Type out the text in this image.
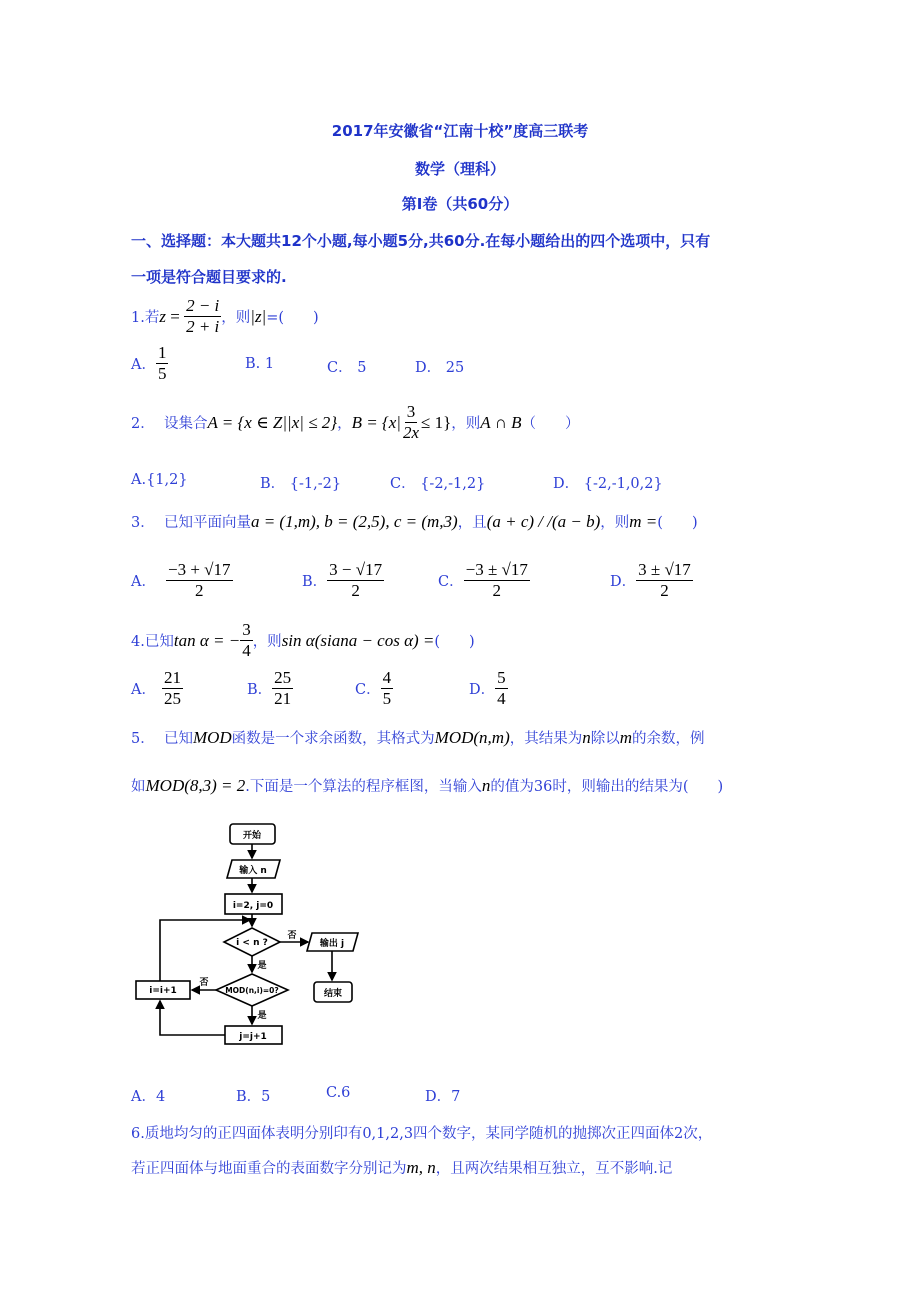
2017年安徽省“江南十校”度高三联考
数学（理科）
第Ⅰ卷（共60分）
一、选择题：本大题共12个小题,每小题5分,共60分.在每小题给出的四个选项中，只有
一项是符合题目要求的.
1.若 $z = \frac{2 - i}{2 + i}$ ，则 |z| =(　　)
A． $\frac{1}{5}$	B. 1	C． 5	D． 25
2．  设集合 A = {x ∈ Z||x| ≤ 2} ， $B = \{x| \frac{3}{2x} \le 1\}$ ，则 A ∩ B （　　）
A.{1,2}	B． {-1,-2}	C． {-2,-1,2}	D． {-2,-1,0,2}
3．  已知平面向量 a = (1,m), b = (2,5), c = (m,3) ，且 (a + c) / /(a − b) ，则 m = (　　)
A． $\frac{-3 + √17}{2}$	B． $\frac{3 - √17}{2}$	C． $\frac{-3 \pm √17}{2}$	D． $\frac{3 \pm √17}{2}$
4.已知 tan α = − $\frac{3}{4}$ ，则 sin α(siana − cos α) = (　　)
A． $\frac{21}{25}$	B． $\frac{25}{21}$	C． $\frac{4}{5}$	D． $\frac{5}{4}$
5．  已知 MOD 函数是一个求余函数，其格式为 MOD(n,m) ，其结果为 n 除以 m 的余数，例
如 MOD(8,3) = 2 .下面是一个算法的程序框图，当输入 n 的值为36时，则输出的结果为(　　)
开始
输入 n
i=2, j=0
i < n ?
否
是
输出 j
结束
MOD(n,i)=0?
否
是
i=i+1
j=j+1
A．4	B．5	C.6	D．7
6.质地均匀的正四面体表明分别印有0,1,2,3四个数字，某同学随机的抛掷次正四面体2次，
若正四面体与地面重合的表面数字分别记为 m, n ，且两次结果相互独立，互不影响.记
